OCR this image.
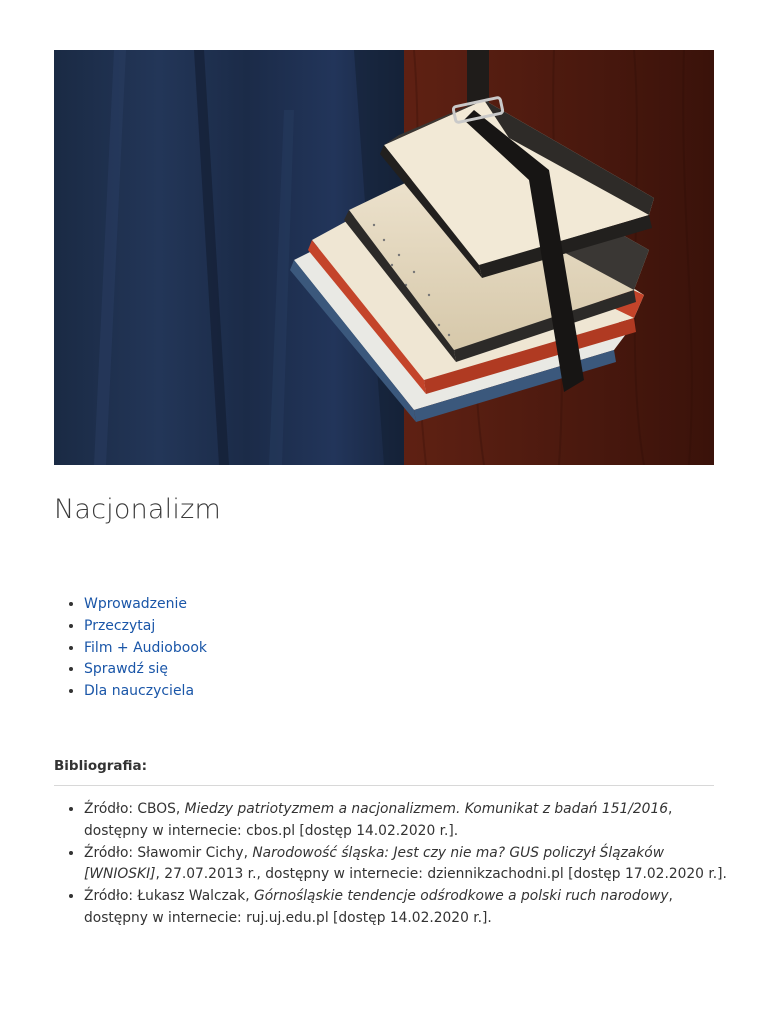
Nacjonalizm
• Wprowadzenie
• Przeczytaj
• Film + Audiobook
• Sprawdź się
• Dla nauczyciela
Bibliografia:
• Źródło: CBOS, Miedzy patriotyzmem a nacjonalizmem. Komunikat z badań 151/2016, dostępny w internecie: cbos.pl [dostęp 14.02.2020 r.].
• Źródło: Sławomir Cichy, Narodowość śląska: Jest czy nie ma? GUS policzył Ślązaków [WNIOSKI], 27.07.2013 r., dostępny w internecie: dziennikzachodni.pl [dostęp 17.02.2020 r.].
• Źródło: Łukasz Walczak, Górnośląskie tendencje odśrodkowe a polski ruch narodowy, dostępny w internecie: ruj.uj.edu.pl [dostęp 14.02.2020 r.].
